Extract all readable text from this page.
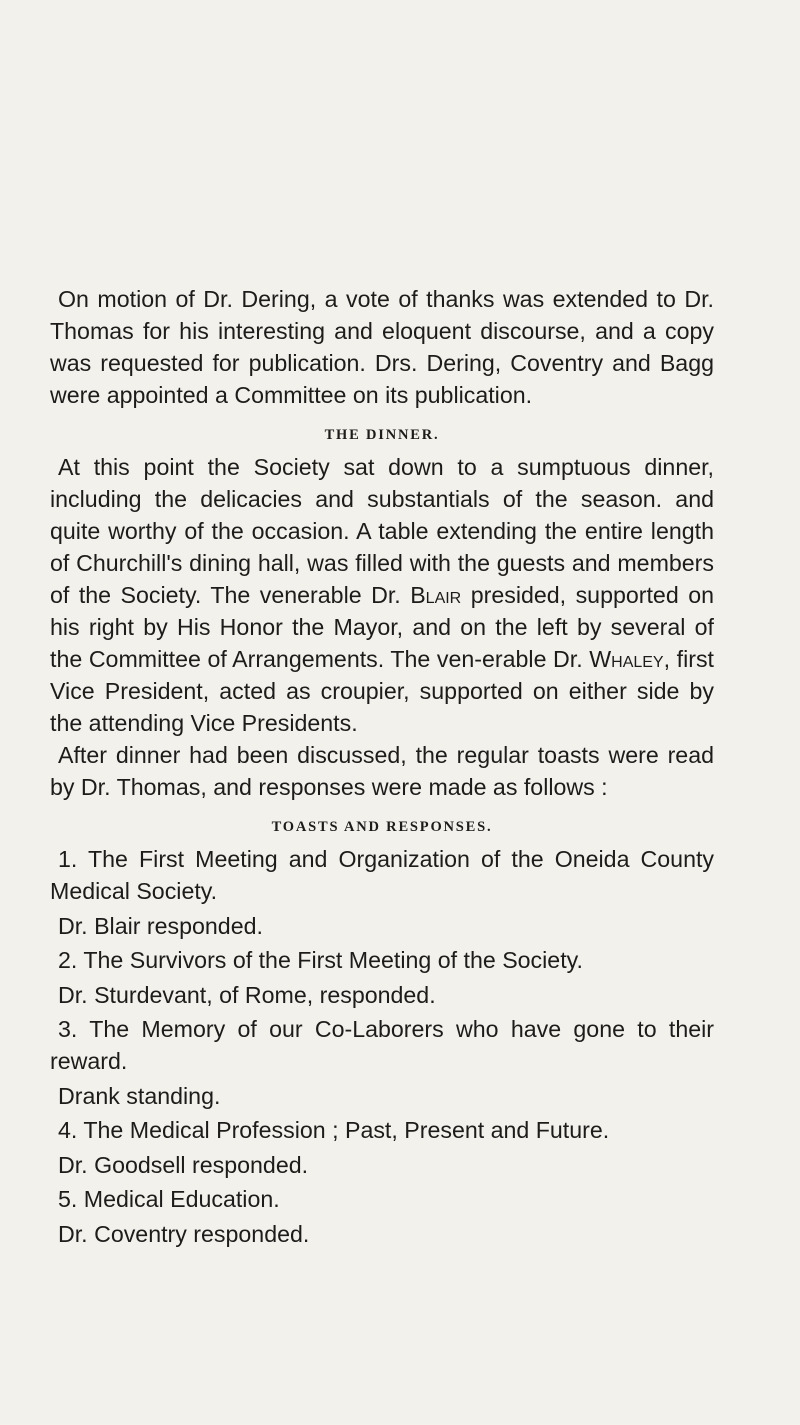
On motion of Dr. Dering, a vote of thanks was extended to Dr. Thomas for his interesting and eloquent discourse, and a copy was requested for publication. Drs. Dering, Coventry and Bagg were appointed a Committee on its publication.

THE DINNER.

At this point the Society sat down to a sumptuous dinner, including the delicacies and substantials of the season. and quite worthy of the occasion. A table extending the entire length of Churchill's dining hall, was filled with the guests and members of the Society. The venerable Dr. Blair presided, supported on his right by His Honor the Mayor, and on the left by several of the Committee of Arrangements. The ven-erable Dr. Whaley, first Vice President, acted as croupier, supported on either side by the attending Vice Presidents.

After dinner had been discussed, the regular toasts were read by Dr. Thomas, and responses were made as follows :

TOASTS AND RESPONSES.

1. The First Meeting and Organization of the Oneida County Medical Society.

Dr. Blair responded.

2. The Survivors of the First Meeting of the Society.

Dr. Sturdevant, of Rome, responded.

3. The Memory of our Co-Laborers who have gone to their reward.

Drank standing.

4. The Medical Profession ; Past, Present and Future.

Dr. Goodsell responded.

5. Medical Education.

Dr. Coventry responded.
